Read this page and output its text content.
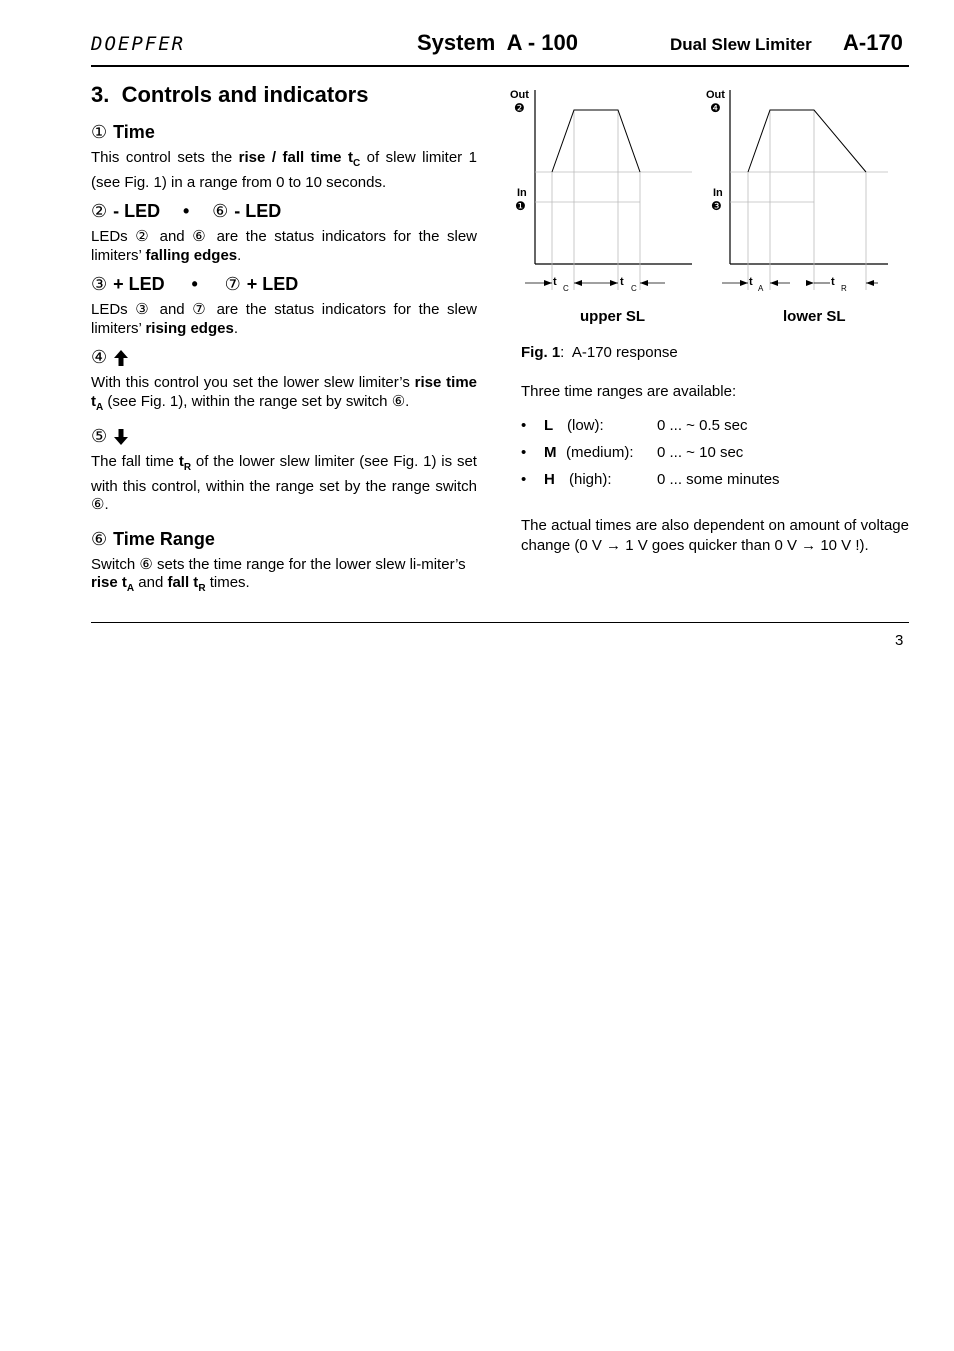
DOEPFER	System  A - 100	Dual Slew Limiter A-170
3.  Controls and indicators
① Time

This control sets the rise / fall time $t_C$ of slew limiter 1 (see Fig. 1) in a range from 0 to 10 seconds.

② - LED • ⑥ - LED

LEDs ② and ⑥ are the status indicators for the slew limiters’ falling edges.

③ + LED • ⑦ + LED

LEDs ③ and ⑦ are the status indicators for the slew limiters’ rising edges.

④

With this control you set the lower slew limiter’s rise time $t_A$ (see Fig. 1), within the range set by switch ⑥.

⑤

The fall time $t_R$ of the lower slew limiter (see Fig. 1) is set with this control, within the range set by the range switch ⑥.

⑥ Time Range

Switch ⑥ sets the time range for the lower slew li-miter’s rise $t_A$ and fall $t_R$ times.

Out
❷
In
❶
t
C
t
C
Out
❹
In
❸
t
A
t
R
upper SL	lower SL

Fig. 1:  A-170 response

Three time ranges are available:

• L (low):	0 ... ~ 0.5 sec
• M (medium): 0 ... ~ 10 sec
• H (high):	0 ... some minutes

The actual times are also dependent on amount of voltage change (0 V → 1 V goes quicker than 0 V → 10 V !).

3
